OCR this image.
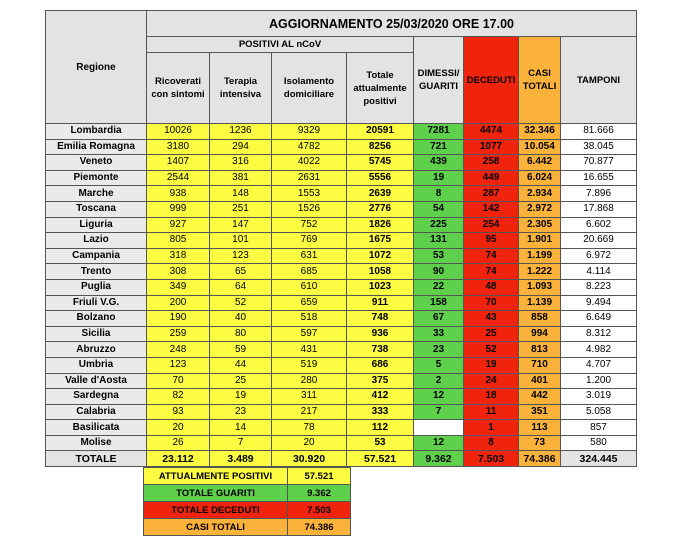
Regione	AGGIORNAMENTO 25/03/2020 ORE 17.00							
	POSITIVI AL nCoV				DIMESSI/ GUARITI	DECEDUTI	CASI TOTALI	TAMPONI
	Ricoverati con sintomi	Terapia intensiva	Isolamento domiciliare	Totale attualmente positivi				
Lombardia	10026	1236	9329	20591	7281	4474	32.346	81.666
Emilia Romagna	3180	294	4782	8256	721	1077	10.054	38.045
Veneto	1407	316	4022	5745	439	258	6.442	70.877
Piemonte	2544	381	2631	5556	19	449	6.024	16.655
Marche	938	148	1553	2639	8	287	2.934	7.896
Toscana	999	251	1526	2776	54	142	2.972	17.868
Liguria	927	147	752	1826	225	254	2.305	6.602
Lazio	805	101	769	1675	131	95	1.901	20.669
Campania	318	123	631	1072	53	74	1.199	6.972
Trento	308	65	685	1058	90	74	1.222	4.114
Puglia	349	64	610	1023	22	48	1.093	8.223
Friuli V.G.	200	52	659	911	158	70	1.139	9.494
Bolzano	190	40	518	748	67	43	858	6.649
Sicilia	259	80	597	936	33	25	994	8.312
Abruzzo	248	59	431	738	23	52	813	4.982
Umbria	123	44	519	686	5	19	710	4.707
Valle d'Aosta	70	25	280	375	2	24	401	1.200
Sardegna	82	19	311	412	12	18	442	3.019
Calabria	93	23	217	333	7	11	351	5.058
Basilicata	20	14	78	112		1	113	857
Molise	26	7	20	53	12	8	73	580
TOTALE	23.112	3.489	30.920	57.521	9.362	7.503	74.386	324.445
ATTUALMENTE POSITIVI	57.521
TOTALE GUARITI	9.362
TOTALE DECEDUTI	7.503
CASI TOTALI	74.386
